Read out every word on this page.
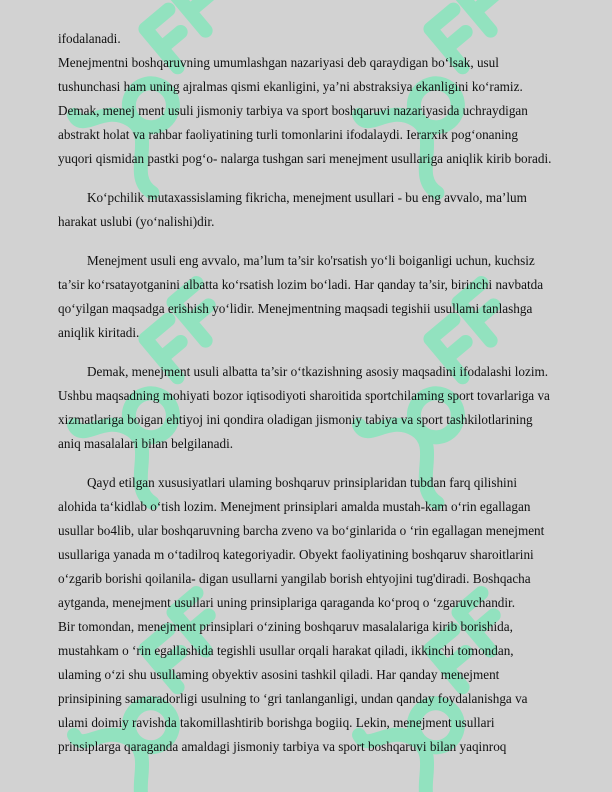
ifodalanadi.
Menejmentni boshqaruvning umumlashgan nazariyasi deb qaraydigan boʻlsak, usul
tushunchasi ham uning ajralmas qismi ekanligini, ya’ni abstraksiya ekanligini koʻramiz.
Demak, menej ment usuli jismoniy tarbiya va sport boshqaruvi nazariyasida uchraydigan
abstrakt holat va rahbar faoliyatining turli tomonlarini ifodalaydi. Ierarxik pogʻonaning
yuqori qismidan pastki pogʻo- nalarga tushgan sari menejment usullariga aniqlik kirib boradi.
Koʻpchilik mutaxassislaming fikricha, menejment usullari - bu eng avvalo, ma’lum
harakat uslubi (yoʻnalishi)dir.
Menejment usuli eng avvalo, ma’lum ta’sir ko'rsatish yoʻli boiganligi uchun, kuchsiz
ta’sir koʻrsatayotganini albatta koʻrsatish lozim boʻladi. Har qanday ta’sir, birinchi navbatda
qoʻyilgan maqsadga erishish yoʻlidir. Menejmentning maqsadi tegishii usullami tanlashga
aniqlik kiritadi.
Demak, menejment usuli albatta ta’sir oʻtkazishning asosiy maqsadini ifodalashi lozim.
Ushbu maqsadning mohiyati bozor iqtisodiyoti sharoitida sportchilaming sport tovarlariga va
xizmatlariga boigan ehtiyoj ini qondira oladigan jismoniy tabiya va sport tashkilotlarining
aniq masalalari bilan belgilanadi.
Qayd etilgan xususiyatlari ulaming boshqaruv prinsiplaridan tubdan farq qilishini
alohida taʻkidlab oʻtish lozim. Menejment prinsiplari amalda mustah-kam oʻrin egallagan
usullar bo4lib, ular boshqaruvning barcha zveno va boʻginlarida o ʻrin egallagan menejment
usullariga yanada m oʻtadilroq kategoriyadir. Obyekt faoliyatining boshqaruv sharoitlarini
oʻzgarib borishi qoilanila- digan usullarni yangilab borish ehtyojini tug'diradi. Boshqacha
aytganda, menejment usullari uning prinsiplariga qaraganda koʻproq o ʻzgaruvchandir.
Bir tomondan, menejment prinsiplari oʻzining boshqaruv masalalariga kirib borishida,
mustahkam o ʻrin egallashida tegishli usullar orqali harakat qiladi, ikkinchi tomondan,
ulaming oʻzi shu usullaming obyektiv asosini tashkil qiladi. Har qanday menejment
prinsipining samaradorligi usulning to ʻgri tanlanganligi, undan qanday foydalanishga va
ulami doimiy ravishda takomillashtirib borishga bogiiq. Lekin, menejment usullari
prinsiplarga qaraganda amaldagi jismoniy tarbiya va sport boshqaruvi bilan yaqinroq
